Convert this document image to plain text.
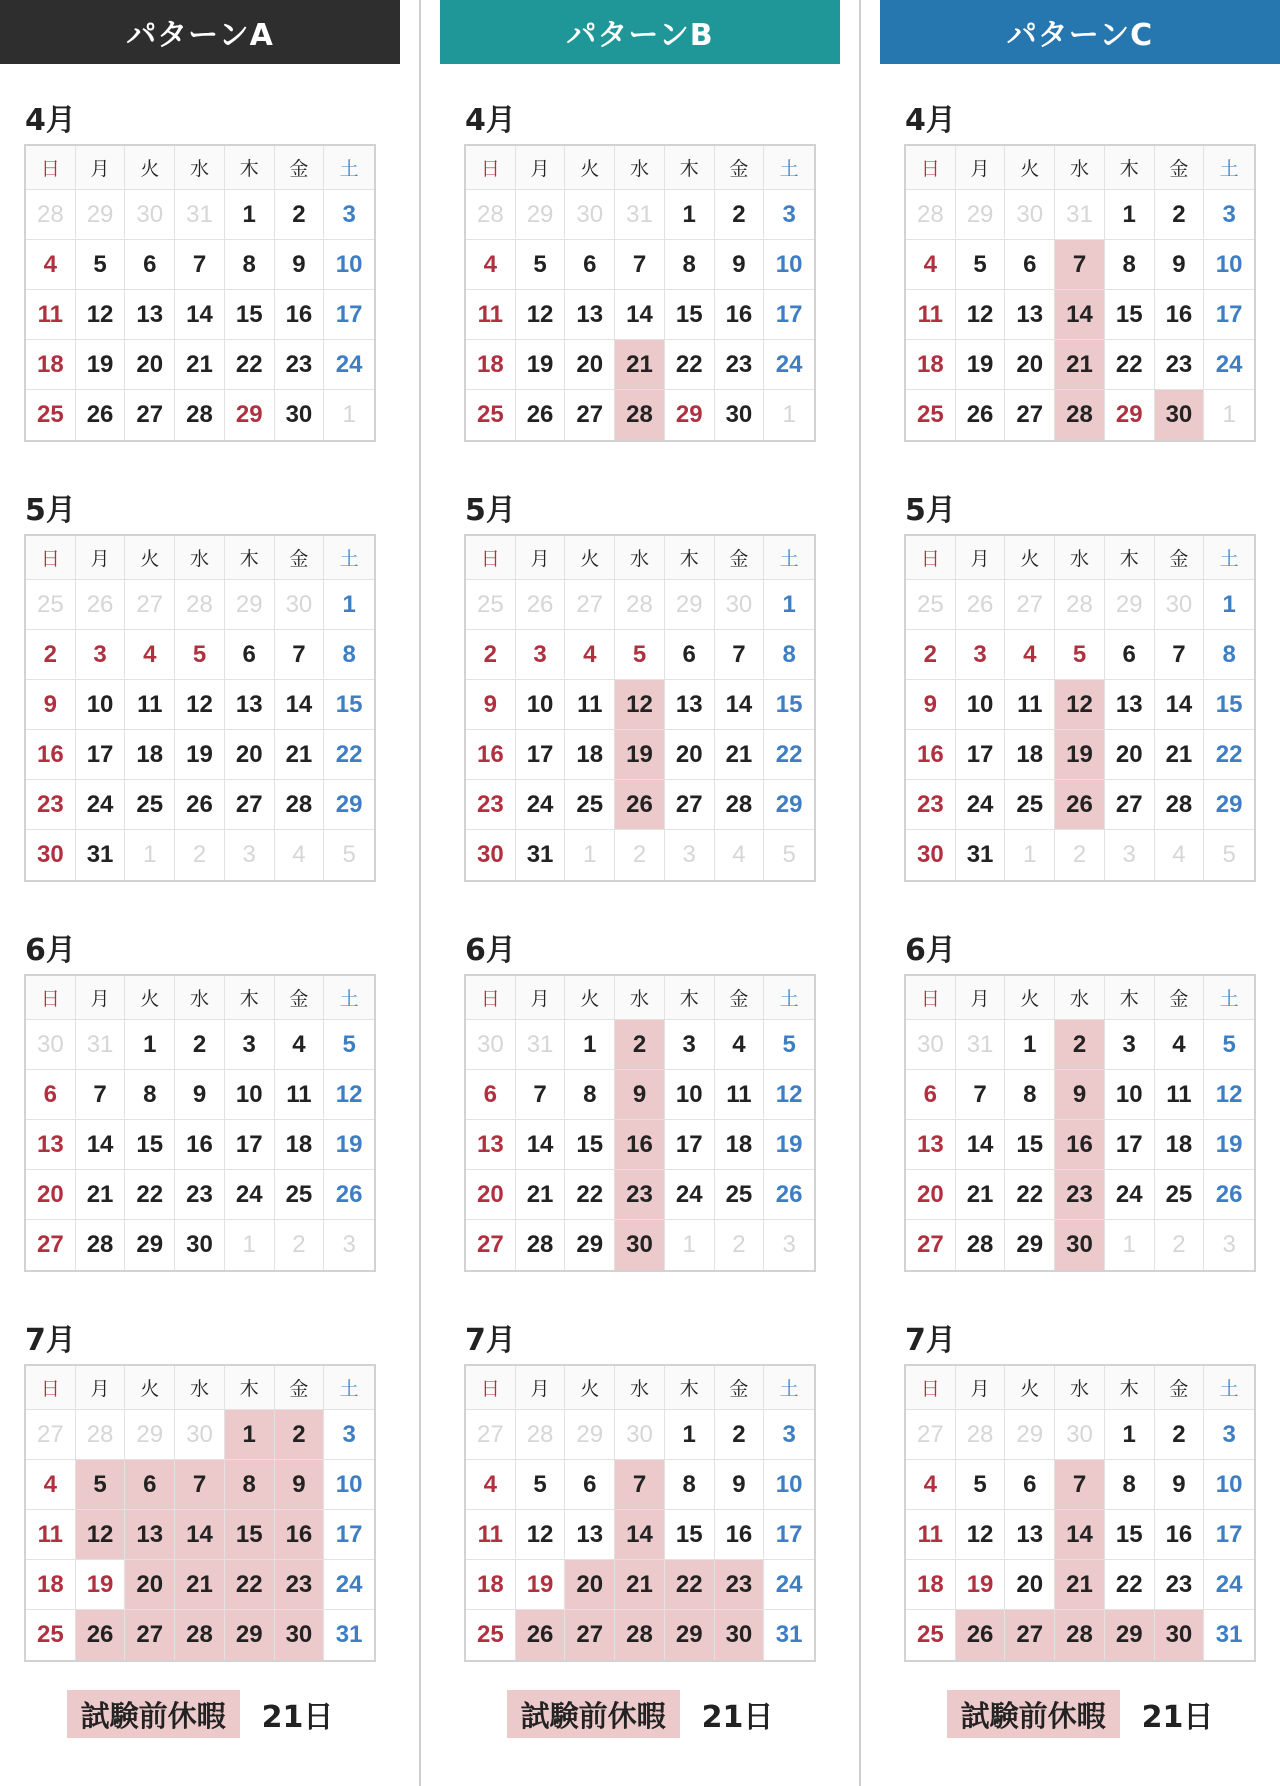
パターンA
4月
日	月	火	水	木	金	土
28 29 30 31	1	2	3
4	5	6	7	8	9	10
11 12 13 14 15 16 17
18 19 20 21 22 23 24
25 26 27 28 29 30	1
5月
日	月	火	水	木	金	土
25 26 27 28 29 30	1
2	3	4	5	6	7	8
9	10 11 12 13 14 15
16 17 18 19 20 21 22
23 24 25 26 27 28 29
30 31	1	2	3	4	5
6月
日	月	火	水	木	金	土
30 31	1	2	3	4	5
6	7	8	9	10 11	12
13 14 15 16 17 18 19
20 21 22 23 24 25 26
27 28 29 30	1	2	3
7月
日	月	火	水	木	金	土
27 28 29 30	1	2	3
4	5	6	7	8	9	10
11 12 13 14 15 16 17
18 19 20 21 22 23 24
25 26 27 28 29 30 31
試験前休暇	21日
パターンB
4月
日	月	火	水	木	金	土
28 29 30 31	1	2	3
4	5	6	7	8	9	10
11 12 13 14 15 16 17
18 19 20 21 22 23 24
25 26 27 28 29 30	1
5月
日	月	火	水	木	金	土
25 26 27 28 29 30	1
2	3	4	5	6	7	8
9	10 11 12 13 14 15
16 17 18 19 20 21 22
23 24 25 26 27 28 29
30 31	1	2	3	4	5
6月
日	月	火	水	木	金	土
30 31	1	2	3	4	5
6	7	8	9	10 11	12
13 14 15 16 17 18 19
20 21 22 23 24 25 26
27 28 29 30	1	2	3
7月
日	月	火	水	木	金	土
27 28 29 30	1	2	3
4	5	6	7	8	9	10
11 12 13 14 15 16 17
18 19 20 21 22 23 24
25 26 27 28 29 30 31
試験前休暇	21日
パターンC
4月
日	月	火	水	木	金	土
28 29 30 31	1	2	3
4	5	6	7	8	9	10
11 12 13 14 15 16 17
18 19 20 21 22 23 24
25 26 27 28 29 30	1
5月
日	月	火	水	木	金	土
25 26 27 28 29 30	1
2	3	4	5	6	7	8
9	10 11 12 13 14 15
16 17 18 19 20 21 22
23 24 25 26 27 28 29
30 31	1	2	3	4	5
6月
日	月	火	水	木	金	土
30 31	1	2	3	4	5
6	7	8	9	10 11	12
13 14 15 16 17 18 19
20 21 22 23 24 25 26
27 28 29 30	1	2	3
7月
日	月	火	水	木	金	土
27 28 29 30	1	2	3
4	5	6	7	8	9	10
11 12 13 14 15 16 17
18 19 20 21 22 23 24
25 26 27 28 29 30 31
試験前休暇	21日
